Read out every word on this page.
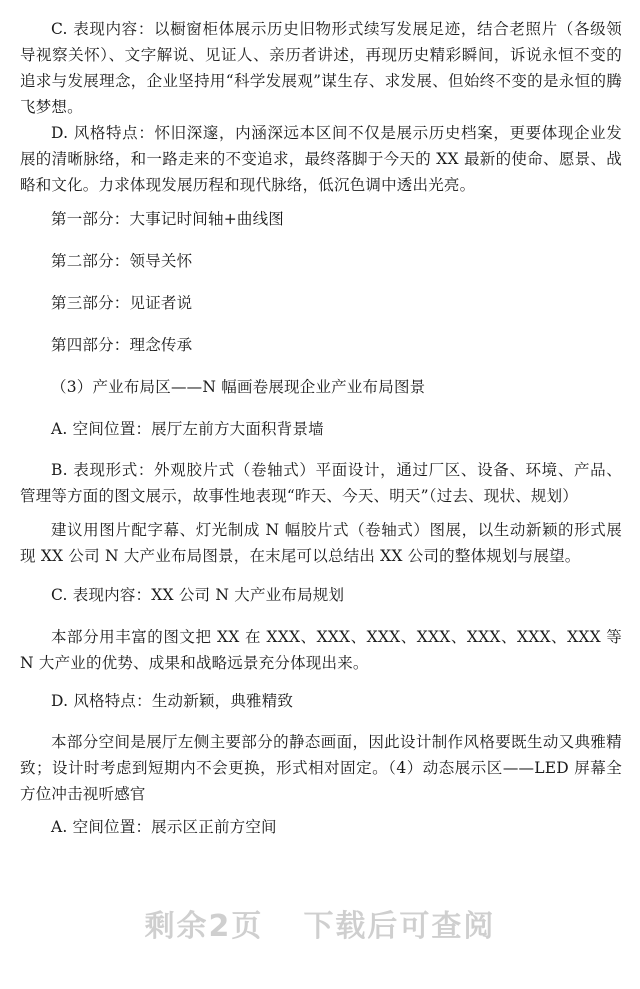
C. 表现内容：以橱窗柜体展示历史旧物形式续写发展足迹，结合老照片（各级领导视察关怀）、文字解说、见证人、亲历者讲述，再现历史精彩瞬间，诉说永恒不变的追求与发展理念，企业坚持用“科学发展观”谋生存、求发展、但始终不变的是永恒的腾飞梦想。

D. 风格特点：怀旧深邃，内涵深远本区间不仅是展示历史档案，更要体现企业发展的清晰脉络，和一路走来的不变追求，最终落脚于今天的 XX 最新的使命、愿景、战略和文化。力求体现发展历程和现代脉络，低沉色调中透出光亮。

第一部分：大事记时间轴+曲线图

第二部分：领导关怀

第三部分：见证者说

第四部分：理念传承

（3）产业布局区——N 幅画卷展现企业产业布局图景

A. 空间位置：展厅左前方大面积背景墙

B. 表现形式：外观胶片式（卷轴式）平面设计，通过厂区、设备、环境、产品、管理等方面的图文展示，故事性地表现“昨天、今天、明天”（过去、现状、规划）

建议用图片配字幕、灯光制成 N 幅胶片式（卷轴式）图展，以生动新颖的形式展现 XX 公司 N 大产业布局图景，在末尾可以总结出 XX 公司的整体规划与展望。

C. 表现内容：XX 公司 N 大产业布局规划

本部分用丰富的图文把 XX 在 XXX、XXX、XXX、XXX、XXX、XXX、XXX 等 N 大产业的优势、成果和战略远景充分体现出来。

D. 风格特点：生动新颖，典雅精致

本部分空间是展厅左侧主要部分的静态画面，因此设计制作风格要既生动又典雅精致；设计时考虑到短期内不会更换，形式相对固定。（4）动态展示区——LED 屏幕全方位冲击视听感官

A. 空间位置：展示区正前方空间

剩余2页 下载后可查阅
